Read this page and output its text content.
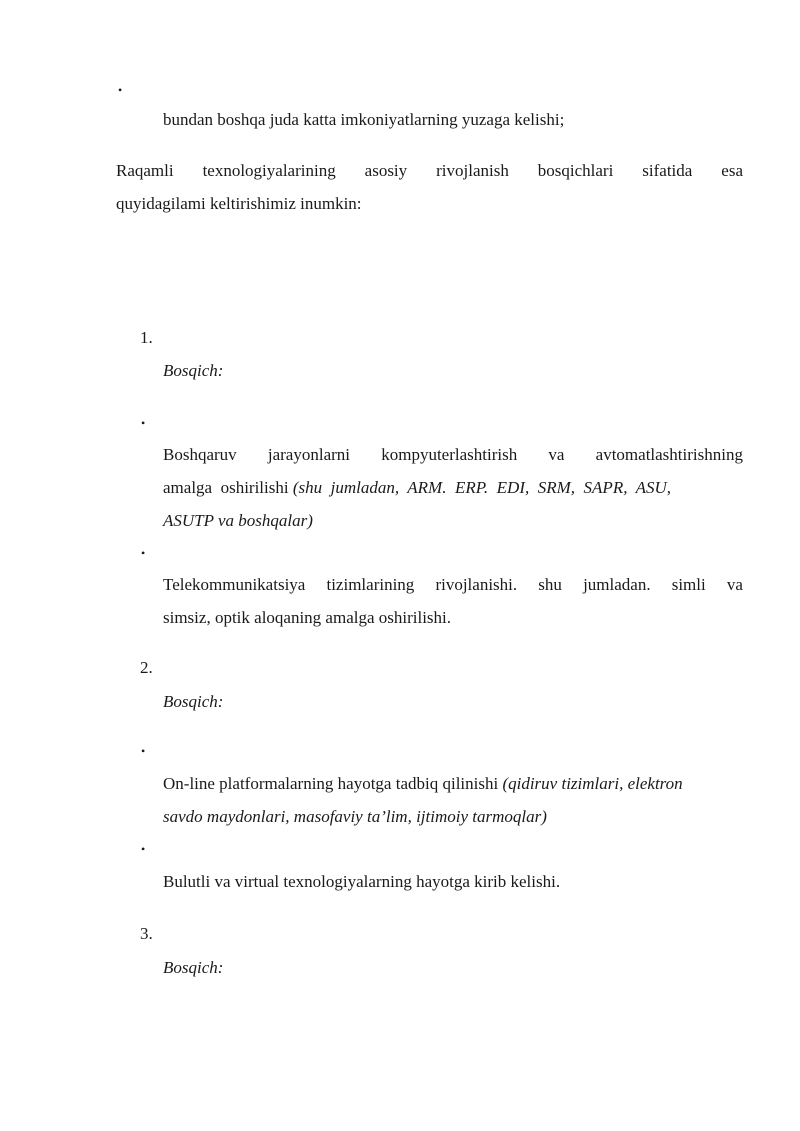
•
bundan boshqa juda katta imkoniyatlarning yuzaga kelishi;
Raqamli texnologiyalarining asosiy rivojlanish bosqichlari sifatida esa
quyidagilami keltirishimiz inumkin:
1.
Bosqich:
•
Boshqaruv jarayonlarni kompyuterlashtirish va avtomatlashtirishning
amalga  oshirilishi (shu  jumladan,  ARM.  ERP.  EDI,  SRM,  SAPR,  ASU,
ASUTP va boshqalar)
•
Telekommunikatsiya tizimlarining rivojlanishi. shu jumladan. simli va
simsiz, optik aloqaning amalga oshirilishi.
2.
Bosqich:
•
On-line platformalarning hayotga tadbiq qilinishi (qidiruv tizimlari, elektron
savdo maydonlari, masofaviy ta’lim, ijtimoiy tarmoqlar)
•
Bulutli va virtual texnologiyalarning hayotga kirib kelishi.
3.
Bosqich:
